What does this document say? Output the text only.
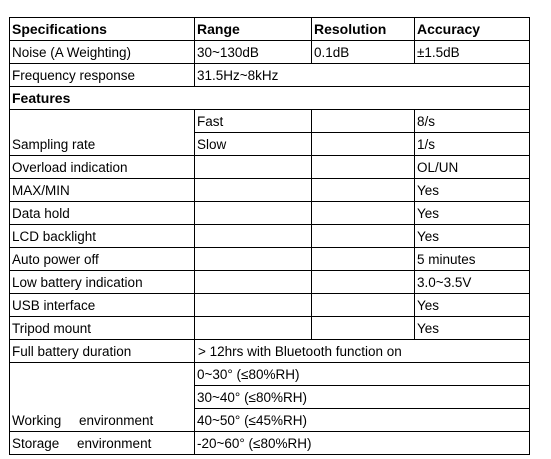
Specifications	Range	Resolution	Accuracy
Noise (A Weighting)	30~130dB	0.1dB	±1.5dB
Frequency response	31.5Hz~8kHz		
Features			
Sampling rate	Fast		8/s
	Slow		1/s
Overload indication			OL/UN
MAX/MIN			Yes
Data hold			Yes
LCD backlight			Yes
Auto power off			5 minutes
Low battery indication			3.0~3.5V
USB interface			Yes
Tripod mount			Yes
Full battery duration	> 12hrs with Bluetooth function on		
Working environment	0~30° (≤80%RH)		
	30~40° (≤80%RH)		
	40~50° (≤45%RH)		
Storage environment	-20~60° (≤80%RH)		
